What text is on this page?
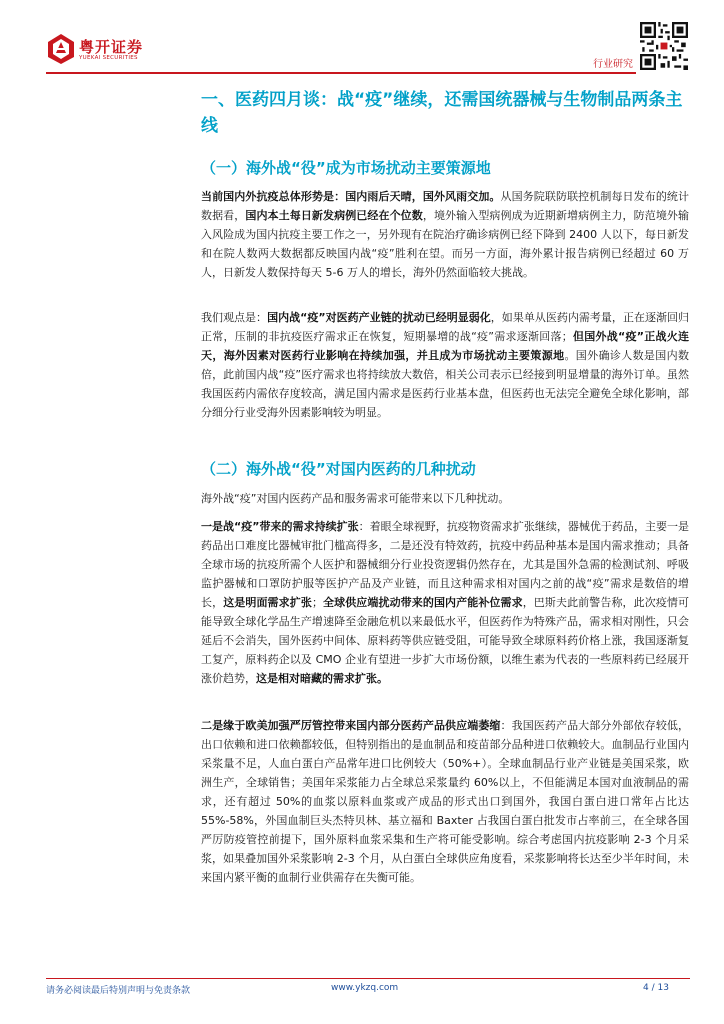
粤开证券
YUEKAI SECURITIES
行业研究
一、医药四月谈：战“疫”继续，还需国统器械与生物制品两条主线
（一）海外战“役”成为市场扰动主要策源地

当前国内外抗疫总体形势是：国内雨后天晴，国外风雨交加。从国务院联防联控机制每日发布的统计数据看，国内本土每日新发病例已经在个位数，境外输入型病例成为近期新增病例主力，防范境外输入风险成为国内抗疫主要工作之一，另外现有在院治疗确诊病例已经下降到 2400 人以下，每日新发和在院人数两大数据都反映国内战“疫”胜利在望。而另一方面，海外累计报告病例已经超过 60 万人，日新发人数保持每天 5-6 万人的增长，海外仍然面临较大挑战。

我们观点是：国内战“疫”对医药产业链的扰动已经明显弱化，如果单从医药内需考量，正在逐渐回归正常，压制的非抗疫医疗需求正在恢复，短期暴增的战“疫”需求逐渐回落；但国外战“疫”正战火连天，海外因素对医药行业影响在持续加强，并且成为市场扰动主要策源地。国外确诊人数是国内数倍，此前国内战“疫”医疗需求也将持续放大数倍，相关公司表示已经接到明显增量的海外订单。虽然我国医药内需依存度较高，满足国内需求是医药行业基本盘，但医药也无法完全避免全球化影响，部分细分行业受海外因素影响较为明显。

（二）海外战“役”对国内医药的几种扰动

海外战“疫”对国内医药产品和服务需求可能带来以下几种扰动。

一是战“疫”带来的需求持续扩张：着眼全球视野，抗疫物资需求扩张继续，器械优于药品，主要一是药品出口难度比器械审批门槛高得多，二是还没有特效药，抗疫中药品种基本是国内需求推动；具备全球市场的抗疫所需个人医护和器械细分行业投资逻辑仍然存在，尤其是国外急需的检测试剂、呼吸监护器械和口罩防护服等医护产品及产业链，而且这种需求相对国内之前的战“疫”需求是数倍的增长，这是明面需求扩张；全球供应端扰动带来的国内产能补位需求，巴斯夫此前警告称，此次疫情可能导致全球化学品生产增速降至金融危机以来最低水平，但医药作为特殊产品，需求相对刚性，只会延后不会消失，国外医药中间体、原料药等供应链受阻，可能导致全球原料药价格上涨，我国逐渐复工复产，原料药企以及 CMO 企业有望进一步扩大市场份额，以维生素为代表的一些原料药已经展开涨价趋势，这是相对暗藏的需求扩张。

二是缘于欧美加强严厉管控带来国内部分医药产品供应端萎缩：我国医药产品大部分外部依存较低，出口依赖和进口依赖都较低，但特别指出的是血制品和疫苗部分品种进口依赖较大。血制品行业国内采浆量不足，人血白蛋白产品常年进口比例较大（50%+）。全球血制品行业产业链是美国采浆，欧洲生产，全球销售；美国年采浆能力占全球总采浆量约 60%以上，不但能满足本国对血液制品的需求，还有超过 50%的血浆以原料血浆或产成品的形式出口到国外，我国白蛋白进口常年占比达 55%-58%，外国血制巨头杰特贝林、基立福和 Baxter 占我国白蛋白批发市占率前三，在全球各国严厉防疫管控前提下，国外原料血浆采集和生产将可能受影响。综合考虑国内抗疫影响 2-3 个月采浆，如果叠加国外采浆影响 2-3 个月，从白蛋白全球供应角度看，采浆影响将长达至少半年时间，未来国内紧平衡的血制行业供需存在失衡可能。

请务必阅读最后特别声明与免责条款	www.ykzq.com	4 / 13
